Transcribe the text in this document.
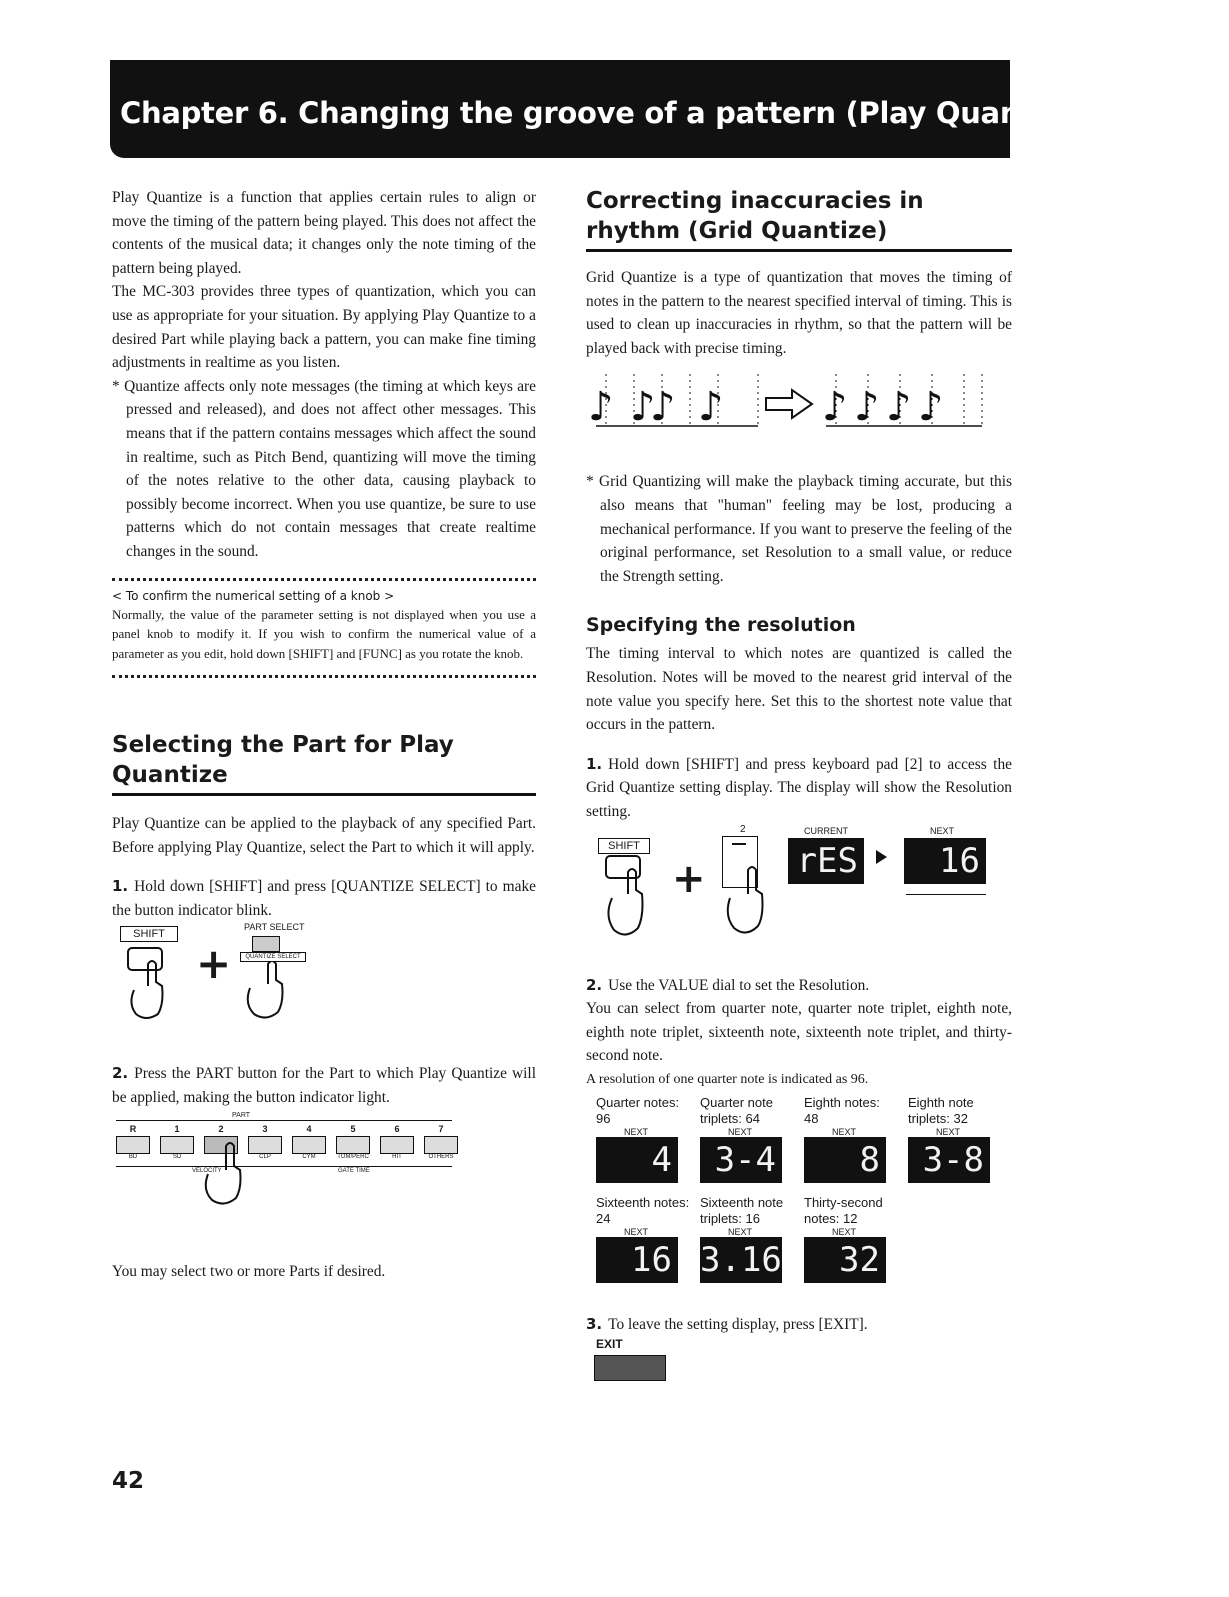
Chapter 6. Changing the groove of a pattern (Play Quantize)

Play Quantize is a function that applies certain rules to align or move the timing of the pattern being played. This does not affect the contents of the musical data; it changes only the note timing of the pattern being played.

The MC-303 provides three types of quantization, which you can use as appropriate for your situation. By applying Play Quantize to a desired Part while playing back a pattern, you can make fine timing adjustments in realtime as you listen.

* Quantize affects only note messages (the timing at which keys are pressed and released), and does not affect other messages. This means that if the pattern contains messages which affect the sound in realtime, such as Pitch Bend, quantizing will move the timing of the notes relative to the other data, causing playback to possibly become incorrect. When you use quantize, be sure to use patterns which do not contain messages that create realtime changes in the sound.

< To confirm the numerical setting of a knob >

Normally, the value of the parameter setting is not displayed when you use a panel knob to modify it. If you wish to confirm the numerical value of a parameter as you edit, hold down [SHIFT] and [FUNC] as you rotate the knob.

Selecting the Part for Play Quantize

Play Quantize can be applied to the playback of any specified Part. Before applying Play Quantize, select the Part to which it will apply.

1. Hold down [SHIFT] and press [QUANTIZE SELECT] to make the button indicator blink.

SHIFT
+
PART SELECT
QUANTIZE SELECT

2. Press the PART button for the Part to which Play Quantize will be applied, making the button indicator light.

PART
R
BD
1
SD
2	3
CLP
4
CYM
5
TOM/PERC
6
HIT
7
OTHERS
VELOCITY	GATE TIME

You may select two or more Parts if desired.

Correcting inaccuracies in rhythm (Grid Quantize)

Grid Quantize is a type of quantization that moves the timing of notes in the pattern to the nearest specified interval of timing. This is used to clean up inaccuracies in rhythm, so that the pattern will be played back with precise timing.

♪ ♪
♪ ♪ ♪ ♪ ♪ ♪

* Grid Quantizing will make the playback timing accurate, but this also means that "human" feeling may be lost, producing a mechanical performance. If you want to preserve the feeling of the original performance, set Resolution to a small value, or reduce the Strength setting.

Specifying the resolution

The timing interval to which notes are quantized is called the Resolution. Notes will be moved to the nearest grid interval of the note value you specify here. Set this to the shortest note value that occurs in the pattern.

1. Hold down [SHIFT] and press keyboard pad [2] to access the Grid Quantize setting display. The display will show the Resolution setting.

SHIFT
+
2	CURRENT
rES
NEXT
16

2. Use the VALUE dial to set the Resolution.

You can select from quarter note, quarter note triplet, eighth note, eighth note triplet, sixteenth note, sixteenth note triplet, and thirty-second note.

A resolution of one quarter note is indicated as 96.

Quarter notes:
96
NEXT
4
Quarter note
triplets: 64
NEXT
3-4
Eighth notes:
48
NEXT
8
Eighth note
triplets: 32
NEXT
3-8
Sixteenth notes:
24
NEXT
16
Sixteenth note
triplets: 16
NEXT
3.16
Thirty-second
notes: 12
NEXT
32

3. To leave the setting display, press [EXIT].

EXIT
42
